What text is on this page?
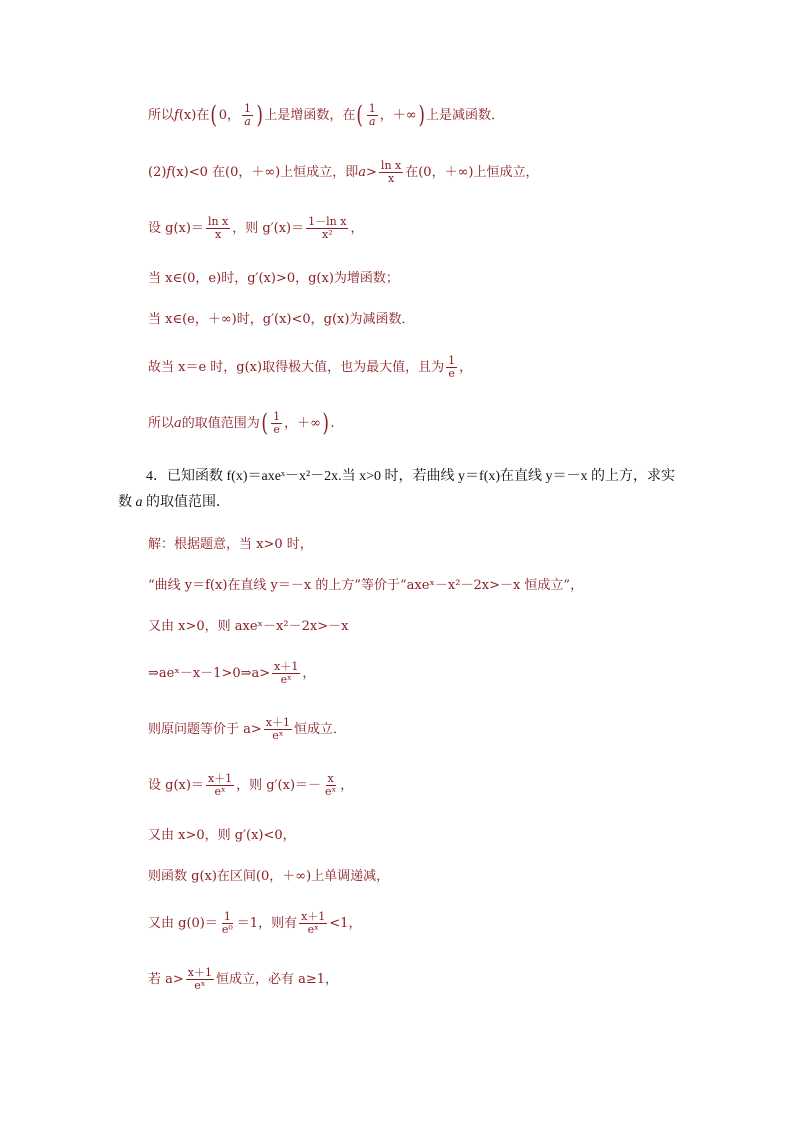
所以 f (x) 在 ( 0， $\frac{1}{a}$ ) 上是增函数，在 ( $\frac{1}{a}$ ，＋∞ ) 上是减函数．
(2) f (x)<0 在(0，＋∞)上恒成立，即 $a > \frac{\text{ln x}}{x}$ 在(0，＋∞)上恒成立，
设 $g(x)= \frac{\text{ln x}}{x}$ ，则 $g'(x)= \frac{\text{1－ln x}}{\text{x²}}$ ，
当 x∈(0，e)时，g′(x)>0，g(x)为增函数；
当 x∈(e，＋∞)时，g′(x)<0，g(x)为减函数．
故当 x＝e 时，g(x)取得极大值，也为最大值，且为 $\frac{1}{e}$ ，
所以 a 的取值范围为 ( $\frac{1}{e}$ ，＋∞ ) .
4．已知函数 f(x)＝axeˣ－x²－2x.当 x>0 时，若曲线 y＝f(x)在直线 y＝－x 的上方，求实
数 a 的取值范围．
解：根据题意，当 x>0 时，
“曲线 y＝f(x)在直线 y＝－x 的上方”等价于“axeˣ－x²－2x>－x 恒成立”，
又由 x>0，则 axeˣ－x²－2x>－x
⇒aeˣ－x－1>0⇒a> $\frac{x+1}{\text{eˣ}}$ ，
则原问题等价于 $a> \frac{x+1}{\text{eˣ}}$ 恒成立．
设 $g(x)= \frac{x+1}{\text{eˣ}}$ ，则 $g'(x)=- \frac{x}{\text{eˣ}}$ ，
又由 x>0，则 g′(x)<0，
则函数 g(x)在区间(0，＋∞)上单调递减，
又由 $g(0)= \frac{1}{\text{e⁰}} =1$，则有 $\frac{x+1}{\text{eˣ}} <1$，
若 $a> \frac{x+1}{\text{eˣ}}$ 恒成立，必有 a≥1，
